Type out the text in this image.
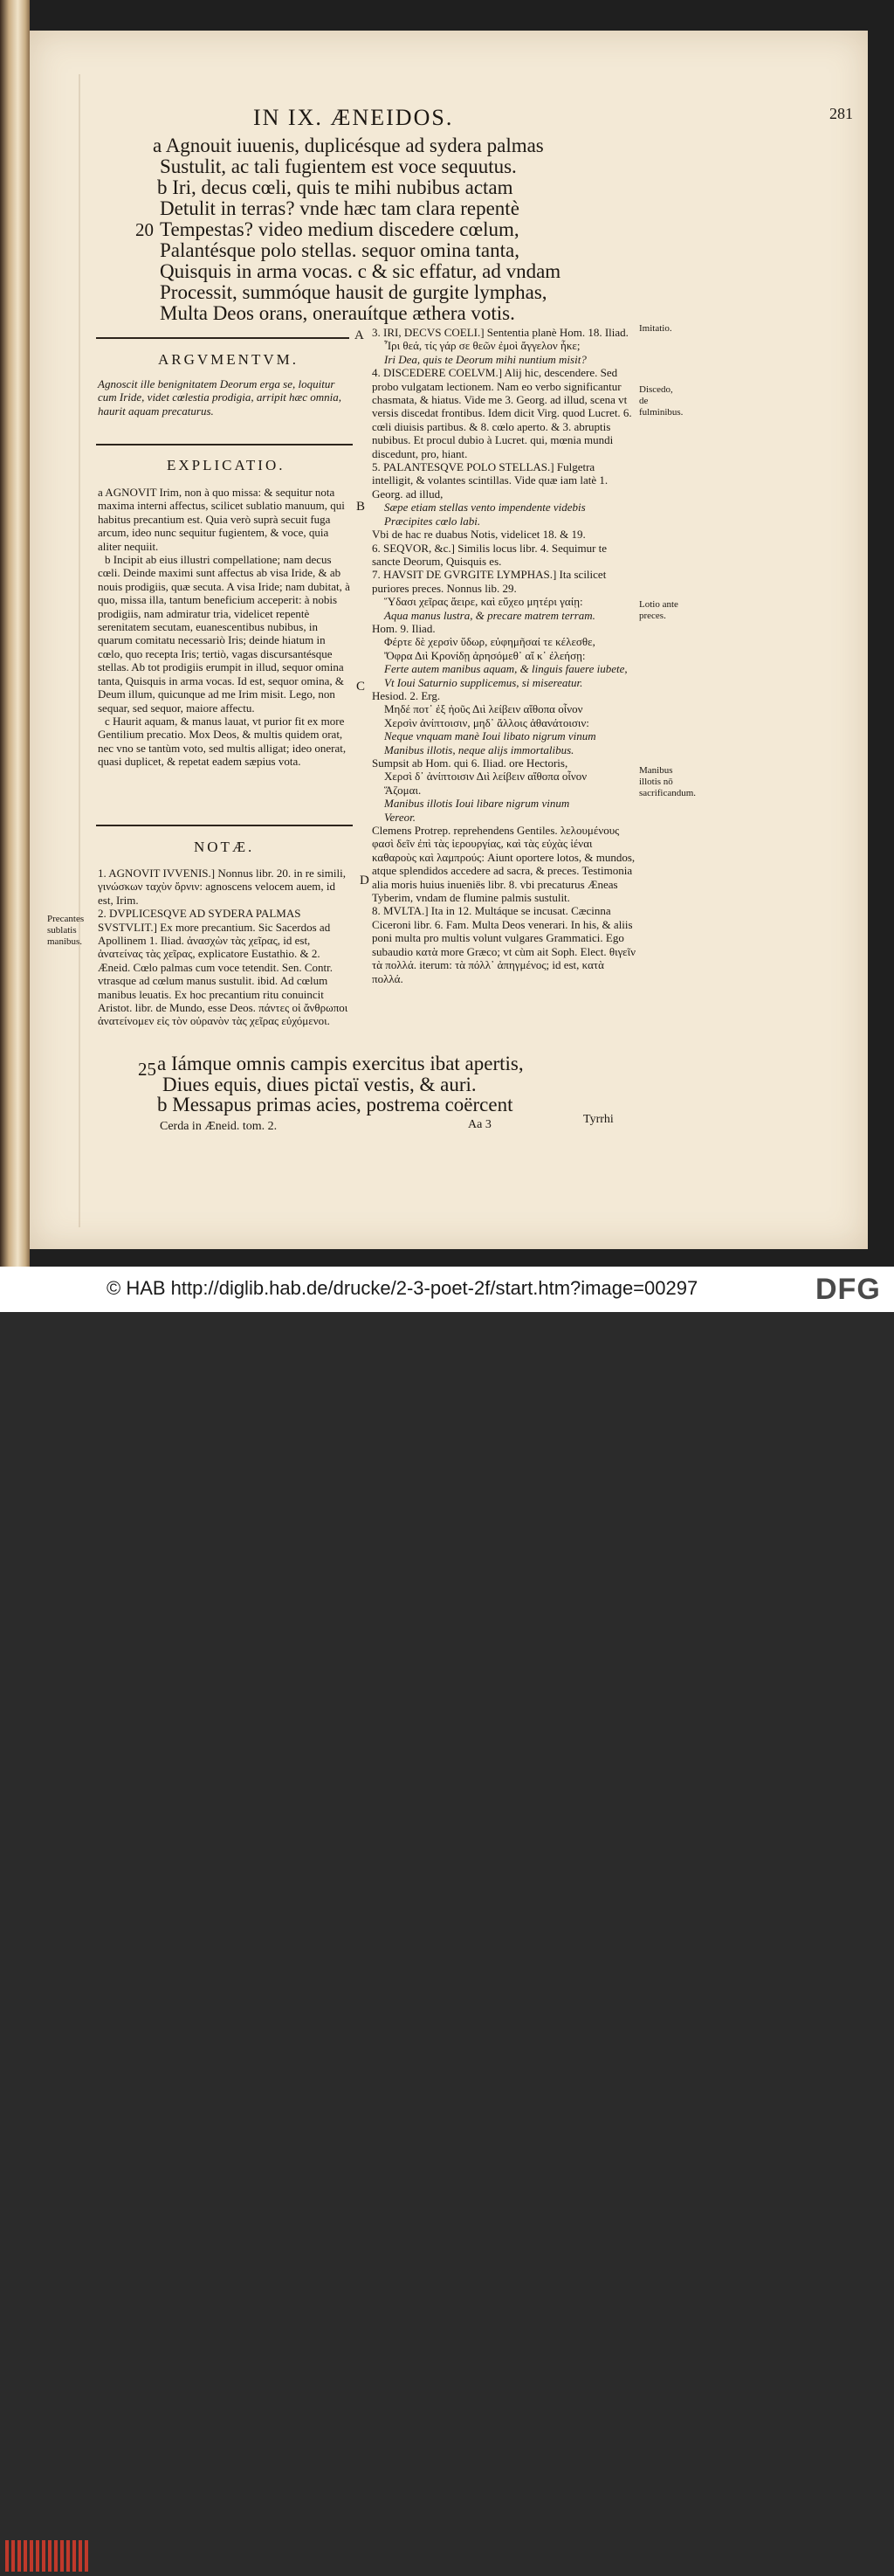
IN IX. ÆNEIDOS.	281
a Agnouit iuuenis, duplicésque ad sydera palmas
Sustulit, ac tali fugientem est voce sequutus.
b Iri, decus cœli, quis te mihi nubibus actam
Detulit in terras? vnde hæc tam clara repentè
20 Tempestas? video medium discedere cœlum,
Palantésque polo stellas. sequor omina tanta,
Quisquis in arma vocas. c & sic effatur, ad vndam
Processit, summóque hausit de gurgite lymphas,
Multa Deos orans, onerauítque æthera votis.
A
ARGVMENTVM.
Agnoscit ille benignitatem Deorum erga se, loquitur cum Iride, videt cœlestia prodigia, arripit hæc omnia, haurit aquam precaturus.
EXPLICATIO.

a AGNOVIT Irim, non à quo missa: & sequitur nota maxima interni affectus, scilicet sublatio manuum, qui habitus precantium est. Quia verò suprà secuit fuga arcum, ideo nunc sequitur fugientem, & voce, quia aliter nequiit.

b Incipit ab eius illustri compellatione; nam decus cœli. Deinde maximi sunt affectus ab visa Iride, & ab nouis prodigiis, quæ secuta. A visa Iride; nam dubitat, à quo, missa illa, tantum beneficium acceperit: à nobis prodigiis, nam admiratur tria, videlicet repentè serenitatem secutam, euanescentibus nubibus, in quarum comitatu necessariò Iris; deinde hiatum in cœlo, quo recepta Iris; tertiò, vagas discursantésque stellas. Ab tot prodigiis erumpit in illud, sequor omina tanta, Quisquis in arma vocas. Id est, sequor omina, & Deum illum, quicunque ad me Irim misit. Lego, non sequar, sed sequor, maiore affectu.

c Haurit aquam, & manus lauat, vt purior fit ex more Gentilium precatio. Mox Deos, & multis quidem orat, nec vno se tantùm voto, sed multis alligat; ideo onerat, quasi duplicet, & repetat eadem sæpius vota.

B
C
NOTÆ.
D

1. AGNOVIT IVVENIS.] Nonnus libr. 20. in re simili, γινώσκων ταχὺν ὄρνιν: agnoscens velocem auem, id est, Irim.

2. DVPLICESQVE AD SYDERA PALMAS SVSTVLIT.] Ex more precantium. Sic Sacerdos ad Apollinem 1. Iliad. ἀνασχὼν τὰς χεῖρας, id est, ἀνατείνας τὰς χεῖρας, explicatore Eustathio. & 2. Æneid. Cœlo palmas cum voce tetendit. Sen. Contr. vtrasque ad cœlum manus sustulit. ibid. Ad cœlum manibus leuatis. Ex hoc precantium ritu conuincit Aristot. libr. de Mundo, esse Deos. πάντες οἱ ἄνθρωποι ἀνατείνομεν εἰς τὸν οὐρανὸν τὰς χεῖρας εὐχόμενοι.

Precantes sublatis manibus.

3. IRI, DECVS COELI.] Sententia planè Hom. 18. Iliad.

Ἶρι θεά, τίς γάρ σε θεῶν ἐμοὶ ἄγγελον ἧκε;

Iri Dea, quis te Deorum mihi nuntium misit?

4. DISCEDERE COELVM.] Alij hic, descendere. Sed probo vulgatam lectionem. Nam eo verbo significantur chasmata, & hiatus. Vide me 3. Georg. ad illud, scena vt versis discedat frontibus. Idem dicit Virg. quod Lucret. 6. cœli diuisis partibus. & 8. cœlo aperto. & 3. abruptis nubibus. Et procul dubio à Lucret. qui, mœnia mundi discedunt, pro, hiant.

5. PALANTESQVE POLO STELLAS.] Fulgetra intelligit, & volantes scintillas. Vide quæ iam latè 1. Georg. ad illud,

Sæpe etiam stellas vento impendente videbis

Præcipites cœlo labi.

Vbi de hac re duabus Notis, videlicet 18. & 19.

6. SEQVOR, &c.] Similis locus libr. 4. Sequimur te sancte Deorum, Quisquis es.

7. HAVSIT DE GVRGITE LYMPHAS.] Ita scilicet puriores preces. Nonnus lib. 29.

Ὕδασι χεῖρας ἄειρε, καὶ εὔχεο μητέρι γαίῃ:

Aqua manus lustra, & precare matrem terram.

Hom. 9. Iliad.

Φέρτε δὲ χερσὶν ὕδωρ, εὐφημῆσαί τε κέλεσθε,

Ὄφρα Διὶ Κρονίδῃ ἀρησόμεθ᾽ αἴ κ᾽ ἐλεήσῃ:

Ferte autem manibus aquam, & linguis fauere iubete,

Vt Ioui Saturnio supplicemus, si misereatur.

Hesiod. 2. Erg.

Μηδέ ποτ᾽ ἐξ ἠοῦς Διὶ λείβειν αἴθοπα οἶνον

Χερσὶν ἀνίπτοισιν, μηδ᾽ ἄλλοις ἀθανάτοισιν:

Neque vnquam manè Ioui libato nigrum vinum

Manibus illotis, neque alijs immortalibus.

Sumpsit ab Hom. qui 6. Iliad. ore Hectoris,

Χερσὶ δ᾽ ἀνίπτοισιν Διὶ λείβειν αἴθοπα οἶνον

Ἅζομαι.

Manibus illotis Ioui libare nigrum vinum

Vereor.

Clemens Protrep. reprehendens Gentiles. λελουμένους φασὶ δεῖν ἐπὶ τὰς ἱερουργίας, καὶ τὰς εὐχὰς ἰέναι καθαροὺς καὶ λαμπρούς: Aiunt oportere lotos, & mundos, atque splendidos accedere ad sacra, & preces. Testimonia alia moris huius inueniës libr. 8. vbi precaturus Æneas Tyberim, vndam de flumine palmis sustulit.

8. MVLTA.] Ita in 12. Multáque se incusat. Cæcinna Ciceroni libr. 6. Fam. Multa Deos venerari. In his, & aliis poni multa pro multis volunt vulgares Grammatici. Ego subaudio κατὰ more Græco; vt cùm ait Soph. Elect. θιγεῖν τὰ πολλά. iterum: τὰ πόλλ᾽ ἀπηγμένος; id est, κατὰ πολλά.

Imitatio.
Discedo, de fulminibus.
Lotio ante preces.
Manibus illotis nō sacrificandum.
25 a Iámque omnis campis exercitus ibat apertis,
Diues equis, diues pictaï vestis, & auri.
b Messapus primas acies, postrema coërcent
Cerda in Æneid. tom. 2.	Aa 3	Tyrrhi
© HAB http://diglib.hab.de/drucke/2-3-poet-2f/start.htm?image=00297	DFG
